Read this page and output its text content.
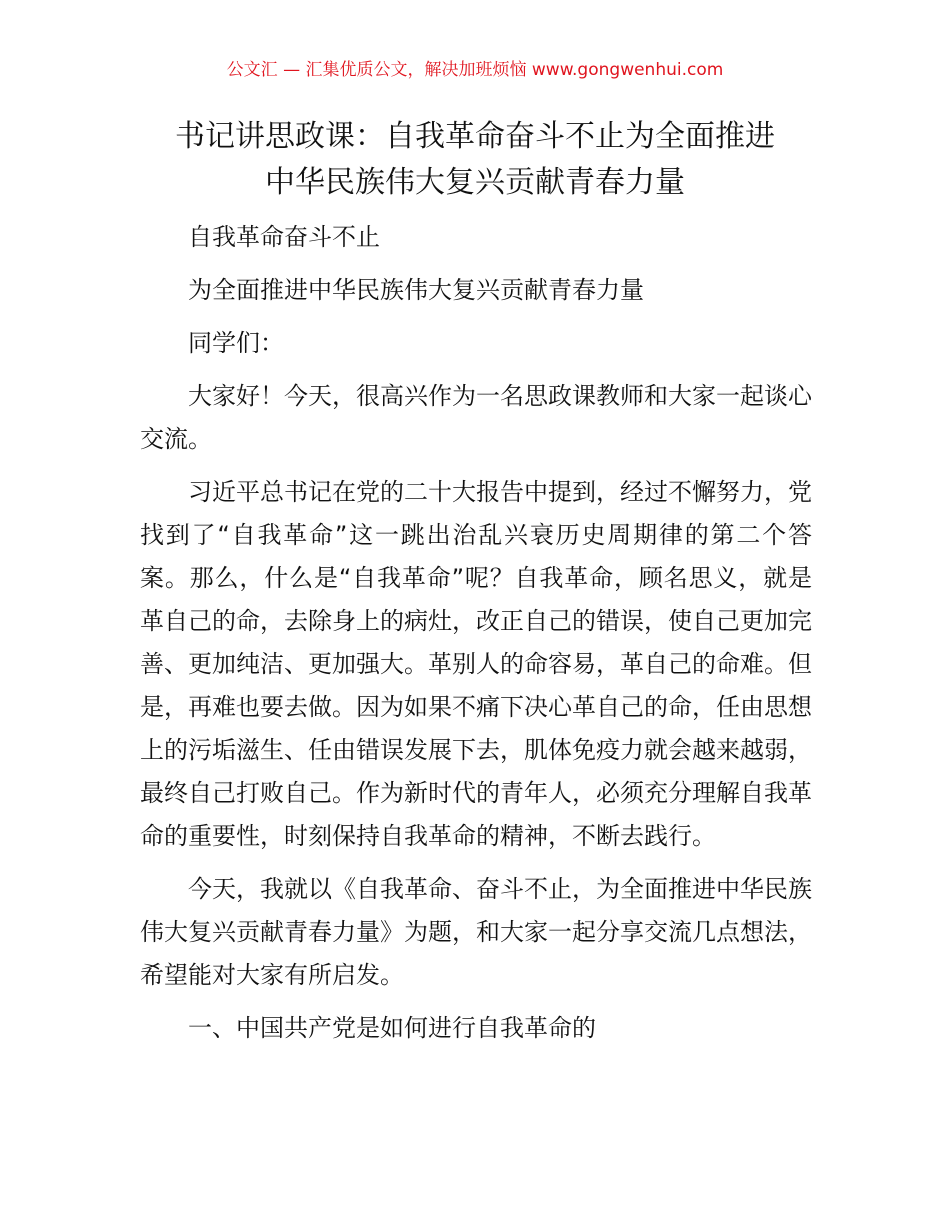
公文汇 — 汇集优质公文，解决加班烦恼 www.gongwenhui.com
书记讲思政课：自我革命奋斗不止为全面推进
中华民族伟大复兴贡献青春力量

自我革命奋斗不止

为全面推进中华民族伟大复兴贡献青春力量

同学们：

大家好！今天，很高兴作为一名思政课教师和大家一起谈心交流。

习近平总书记在党的二十大报告中提到，经过不懈努力，党找到了“自我革命”这一跳出治乱兴衰历史周期律的第二个答案。那么，什么是“自我革命”呢？自我革命，顾名思义，就是革自己的命，去除身上的病灶，改正自己的错误，使自己更加完善、更加纯洁、更加强大。革别人的命容易，革自己的命难。但是，再难也要去做。因为如果不痛下决心革自己的命，任由思想上的污垢滋生、任由错误发展下去，肌体免疫力就会越来越弱，最终自己打败自己。作为新时代的青年人，必须充分理解自我革命的重要性，时刻保持自我革命的精神，不断去践行。

今天，我就以《自我革命、奋斗不止，为全面推进中华民族伟大复兴贡献青春力量》为题，和大家一起分享交流几点想法，希望能对大家有所启发。

一、中国共产党是如何进行自我革命的
